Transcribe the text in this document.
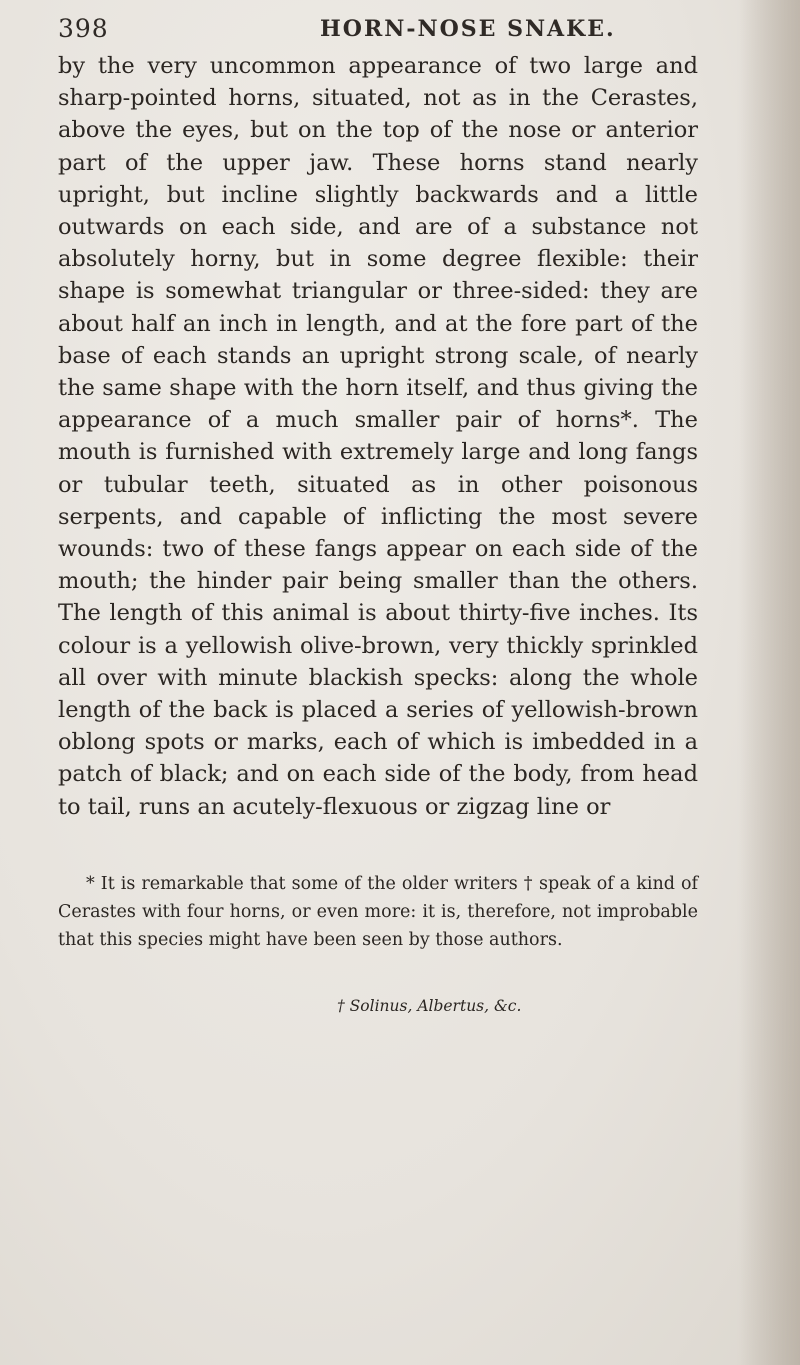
398	HORN-NOSE SNAKE.

by the very uncommon appearance of two large and sharp-pointed horns, situated, not as in the Cerastes, above the eyes, but on the top of the nose or anterior part of the upper jaw. These horns stand nearly upright, but incline slightly backwards and a little outwards on each side, and are of a substance not absolutely horny, but in some degree flexible: their shape is somewhat triangular or three-sided: they are about half an inch in length, and at the fore part of the base of each stands an upright strong scale, of nearly the same shape with the horn itself, and thus giving the appearance of a much smaller pair of horns*. The mouth is furnished with extremely large and long fangs or tubular teeth, situated as in other poisonous serpents, and capable of inflicting the most severe wounds: two of these fangs appear on each side of the mouth; the hinder pair being smaller than the others. The length of this animal is about thirty-five inches. Its colour is a yellowish olive-brown, very thickly sprinkled all over with minute blackish specks: along the whole length of the back is placed a series of yellowish-brown oblong spots or marks, each of which is imbedded in a patch of black; and on each side of the body, from head to tail, runs an acutely-flexuous or zigzag line or

* It is remarkable that some of the older writers † speak of a kind of Cerastes with four horns, or even more: it is, therefore, not improbable that this species might have been seen by those authors.

† Solinus, Albertus, &c.
